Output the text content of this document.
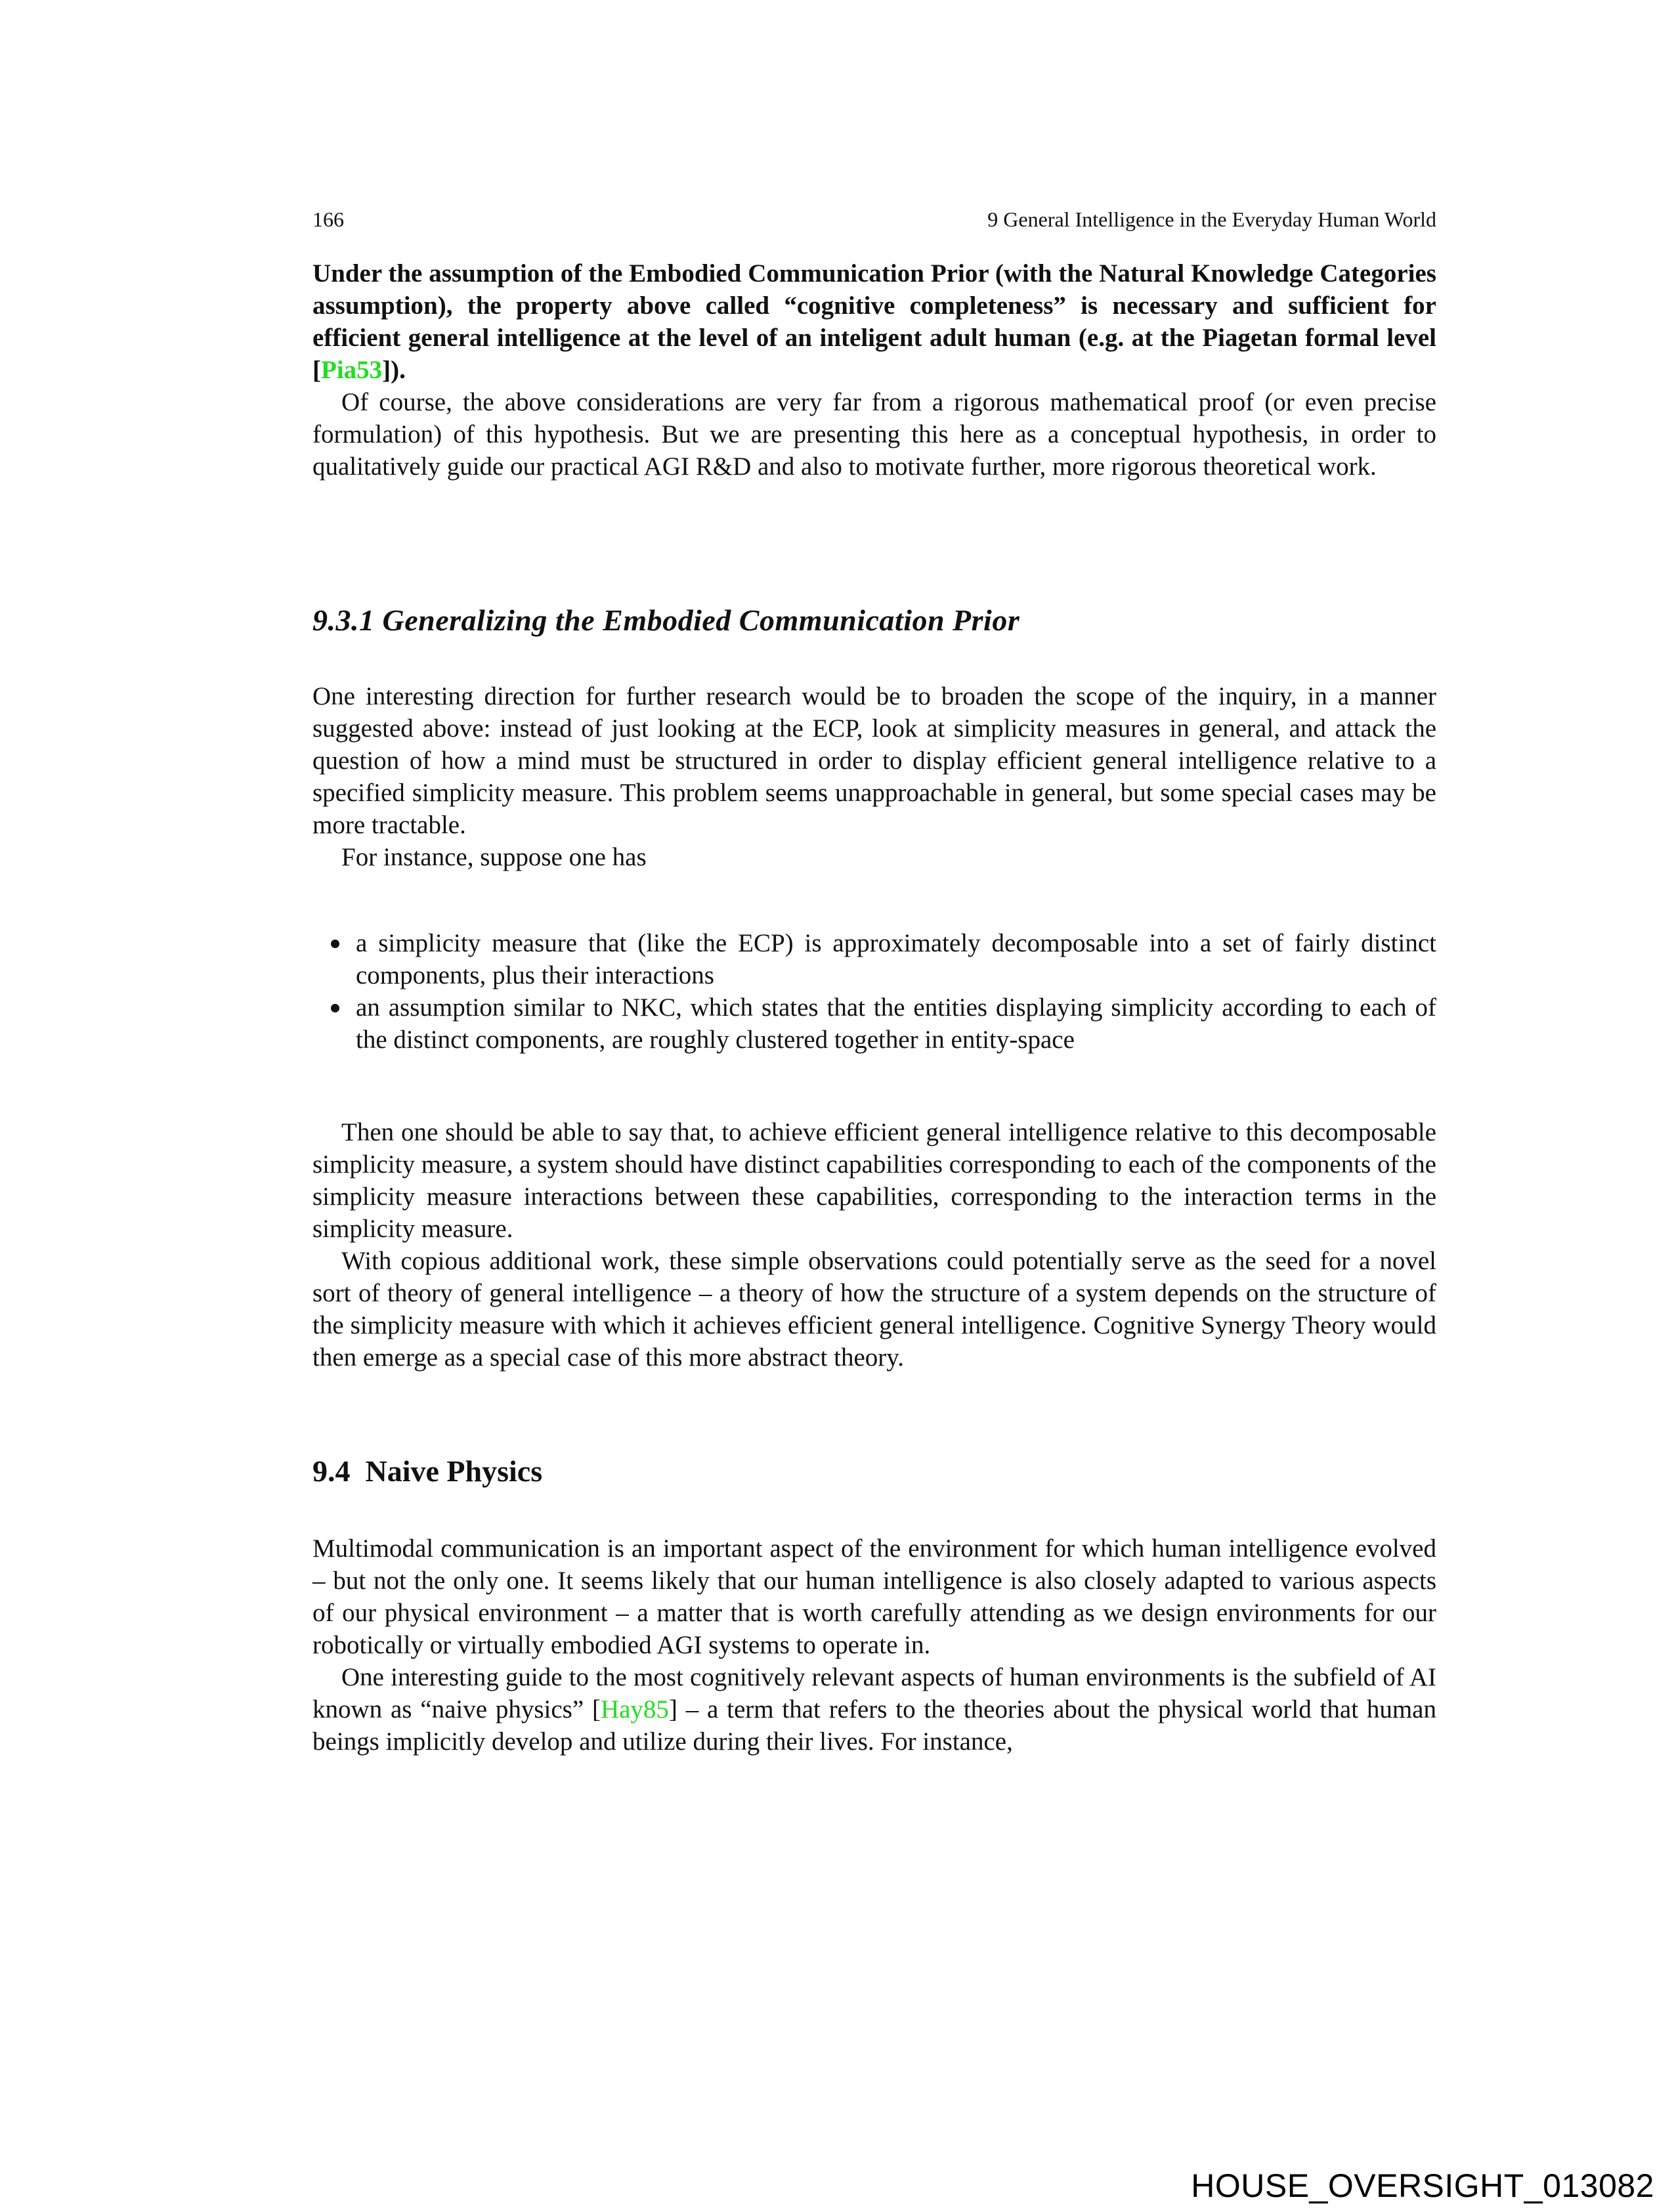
166	9 General Intelligence in the Everyday Human World

Under the assumption of the Embodied Communication Prior (with the Natural Knowledge Categories assumption), the property above called “cognitive completeness” is necessary and sufficient for efficient general intelligence at the level of an inteligent adult human (e.g. at the Piagetan formal level [Pia53]).

Of course, the above considerations are very far from a rigorous mathematical proof (or even precise formulation) of this hypothesis. But we are presenting this here as a conceptual hypothesis, in order to qualitatively guide our practical AGI R&D and also to motivate further, more rigorous theoretical work.

9.3.1 Generalizing the Embodied Communication Prior

One interesting direction for further research would be to broaden the scope of the inquiry, in a manner suggested above: instead of just looking at the ECP, look at simplicity measures in general, and attack the question of how a mind must be structured in order to display efficient general intelligence relative to a specified simplicity measure. This problem seems unapproachable in general, but some special cases may be more tractable.

For instance, suppose one has

a simplicity measure that (like the ECP) is approximately decomposable into a set of fairly distinct components, plus their interactions
an assumption similar to NKC, which states that the entities displaying simplicity according to each of the distinct components, are roughly clustered together in entity-space

Then one should be able to say that, to achieve efficient general intelligence relative to this decomposable simplicity measure, a system should have distinct capabilities corresponding to each of the components of the simplicity measure interactions between these capabilities, corresponding to the interaction terms in the simplicity measure.

With copious additional work, these simple observations could potentially serve as the seed for a novel sort of theory of general intelligence – a theory of how the structure of a system depends on the structure of the simplicity measure with which it achieves efficient general intelligence. Cognitive Synergy Theory would then emerge as a special case of this more abstract theory.

9.4  Naive Physics

Multimodal communication is an important aspect of the environment for which human intelligence evolved – but not the only one. It seems likely that our human intelligence is also closely adapted to various aspects of our physical environment – a matter that is worth carefully attending as we design environments for our robotically or virtually embodied AGI systems to operate in.

One interesting guide to the most cognitively relevant aspects of human environments is the subfield of AI known as “naive physics” [Hay85] – a term that refers to the theories about the physical world that human beings implicitly develop and utilize during their lives. For instance,

HOUSE_OVERSIGHT_013082
